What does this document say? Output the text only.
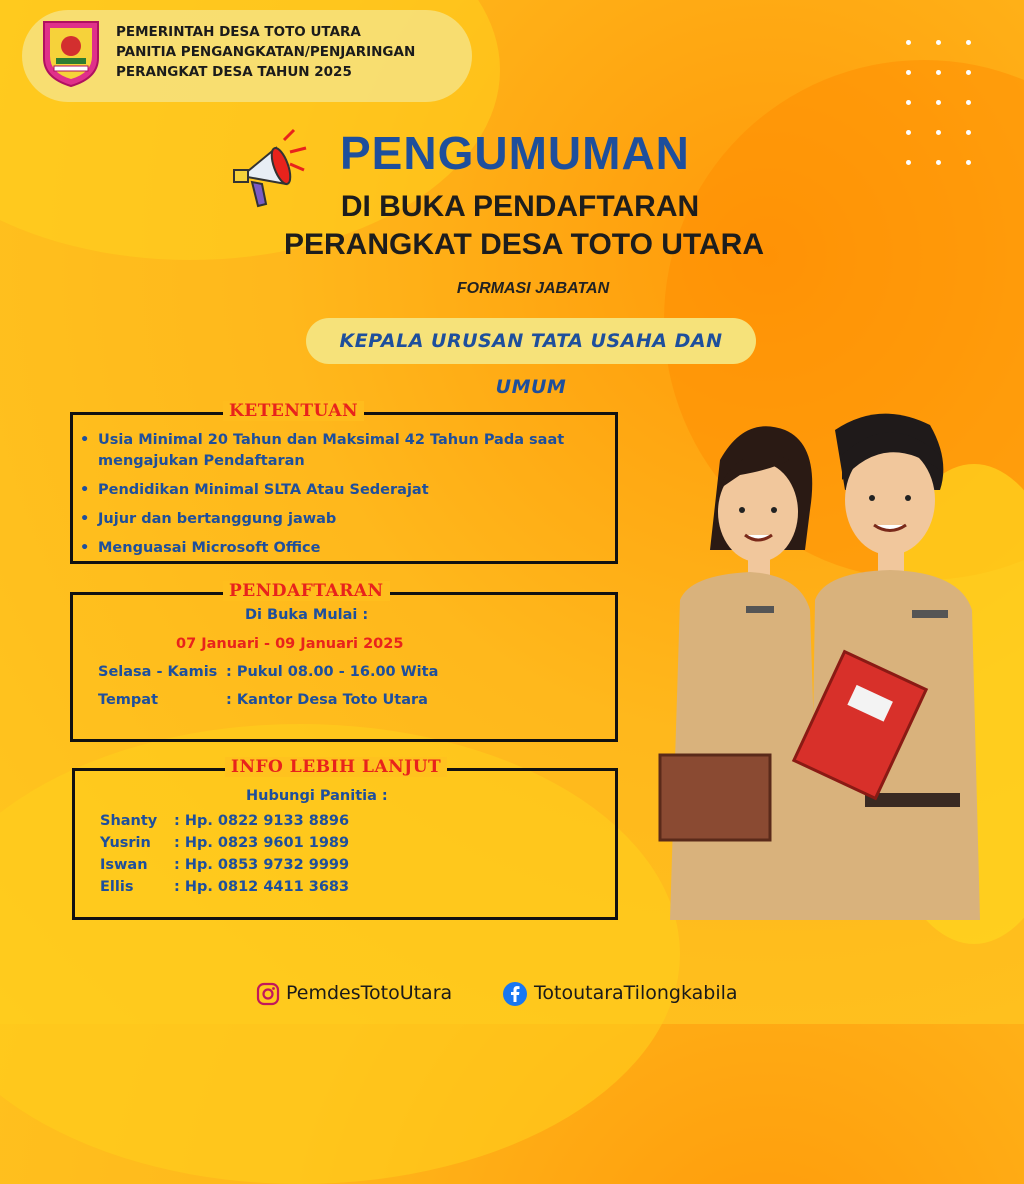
PEMERINTAH DESA TOTO UTARA
PANITIA PENGANGKATAN/PENJARINGAN
PERANGKAT DESA TAHUN 2025
PENGUMUMAN
DI BUKA PENDAFTARAN
PERANGKAT DESA TOTO UTARA
FORMASI JABATAN
KEPALA URUSAN TATA USAHA DAN UMUM
KETENTUAN
• Usia Minimal 20 Tahun dan Maksimal 42 Tahun Pada saat mengajukan Pendaftaran
• Pendidikan Minimal SLTA Atau Sederajat
• Jujur dan bertanggung jawab
• Menguasai Microsoft Office
PENDAFTARAN
Di Buka Mulai :
07 Januari - 09 Januari 2025
Selasa - Kamis : Pukul 08.00 - 16.00 Wita
Tempat	: Kantor Desa Toto Utara
INFO LEBIH LANJUT
Hubungi Panitia :
Shanty : Hp. 0822 9133 8896
Yusrin : Hp. 0823 9601 1989
Iswan : Hp. 0853 9732 9999
Ellis	: Hp. 0812 4411 3683
PemdesTotoUtara	TotoutaraTilongkabila
